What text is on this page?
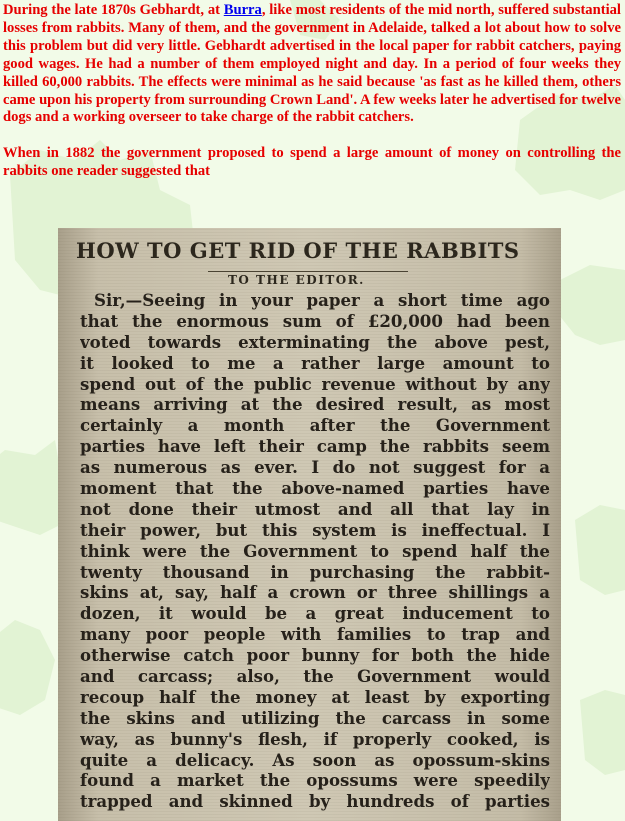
During the late 1870s Gebhardt, at Burra, like most residents of the mid north, suffered substantial losses from rabbits. Many of them, and the government in Adelaide, talked a lot about how to solve this problem but did very little. Gebhardt advertised in the local paper for rabbit catchers, paying good wages. He had a number of them employed night and day. In a period of four weeks they killed 60,000 rabbits. The effects were minimal as he said because 'as fast as he killed them, others came upon his property from surrounding Crown Land'. A few weeks later he advertised for twelve dogs and a working overseer to take charge of the rabbit catchers.

When in 1882 the government proposed to spend a large amount of money on controlling the rabbits one reader suggested that

HOW TO GET RID OF THE RABBITS
TO THE EDITOR.
Sir,—Seeing in your paper a short time ago
that the enormous sum of £20,000 had been
voted towards exterminating the above pest,
it looked to me a rather large amount to
spend out of the public revenue without by any
means arriving at the desired result, as most
certainly a month after the Government
parties have left their camp the rabbits seem
as numerous as ever. I do not suggest for a
moment that the above-named parties have
not done their utmost and all that lay in
their power, but this system is ineffectual. I
think were the Government to spend half the
twenty thousand in purchasing the rabbit-
skins at, say, half a crown or three shillings a
dozen, it would be a great inducement to
many poor people with families to trap and
otherwise catch poor bunny for both the hide
and carcass; also, the Government would
recoup half the money at least by exporting
the skins and utilizing the carcass in some
way, as bunny's flesh, if properly cooked, is
quite a delicacy. As soon as opossum-skins
found a market the opossums were speedily
trapped and skinned by hundreds of parties
